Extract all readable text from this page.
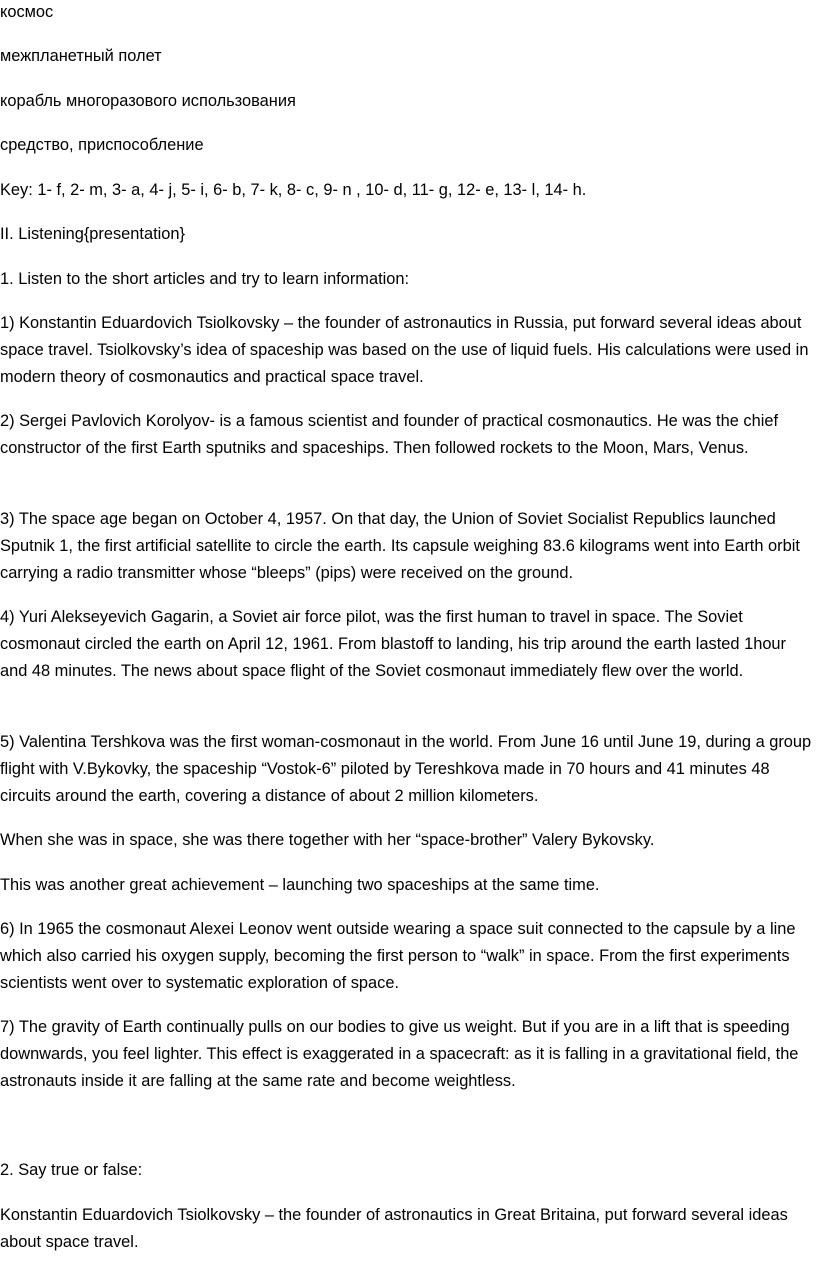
космос

межпланетный полет

корабль многоразового использования

средство, приспособление

Key: 1- f, 2- m, 3- a, 4- j, 5- i, 6- b, 7- k, 8- c, 9- n , 10- d, 11- g, 12- e, 13- l, 14- h.

II. Listening{presentation}

1. Listen to the short articles and try to learn information:

1) Konstantin Eduardovich Tsiolkovsky – the founder of astronautics in Russia, put forward several ideas about space travel. Tsiolkovsky’s idea of spaceship was based on the use of liquid fuels. His calculations were used in modern theory of cosmonautics and practical space travel.

2) Sergei Pavlovich Korolyov- is a famous scientist and founder of practical cosmonautics. He was the chief constructor of the first Earth sputniks and spaceships. Then followed rockets to the Moon, Mars, Venus.

3) The space age began on October 4, 1957. On that day, the Union of Soviet Socialist Republics launched Sputnik 1, the first artificial satellite to circle the earth. Its capsule weighing 83.6 kilograms went into Earth orbit carrying a radio transmitter whose “bleeps” (pips) were received on the ground.

4) Yuri Alekseyevich Gagarin, a Soviet air force pilot, was the first human to travel in space. The Soviet cosmonaut circled the earth on April 12, 1961. From blastoff to landing, his trip around the earth lasted 1hour and 48 minutes. The news about space flight of the Soviet cosmonaut immediately flew over the world.

5) Valentina Tershkova was the first woman-cosmonaut in the world. From June 16 until June 19, during a group flight with V.Bykovky, the spaceship “Vostok-6” piloted by Tereshkova made in 70 hours and 41 minutes 48 circuits around the earth, covering a distance of about 2 million kilometers.

When she was in space, she was there together with her “space-brother” Valery Bykovsky.

This was another great achievement – launching two spaceships at the same time.

6) In 1965 the cosmonaut Alexei Leonov went outside wearing a space suit connected to the capsule by a line which also carried his oxygen supply, becoming the first person to “walk” in space. From the first experiments scientists went over to systematic exploration of space.

7) The gravity of Earth continually pulls on our bodies to give us weight. But if you are in a lift that is speeding downwards, you feel lighter. This effect is exaggerated in a spacecraft: as it is falling in a gravitational field, the astronauts inside it are falling at the same rate and become weightless.

2. Say true or false:

Konstantin Eduardovich Tsiolkovsky – the founder of astronautics in Great Britaina, put forward several ideas about space travel.
